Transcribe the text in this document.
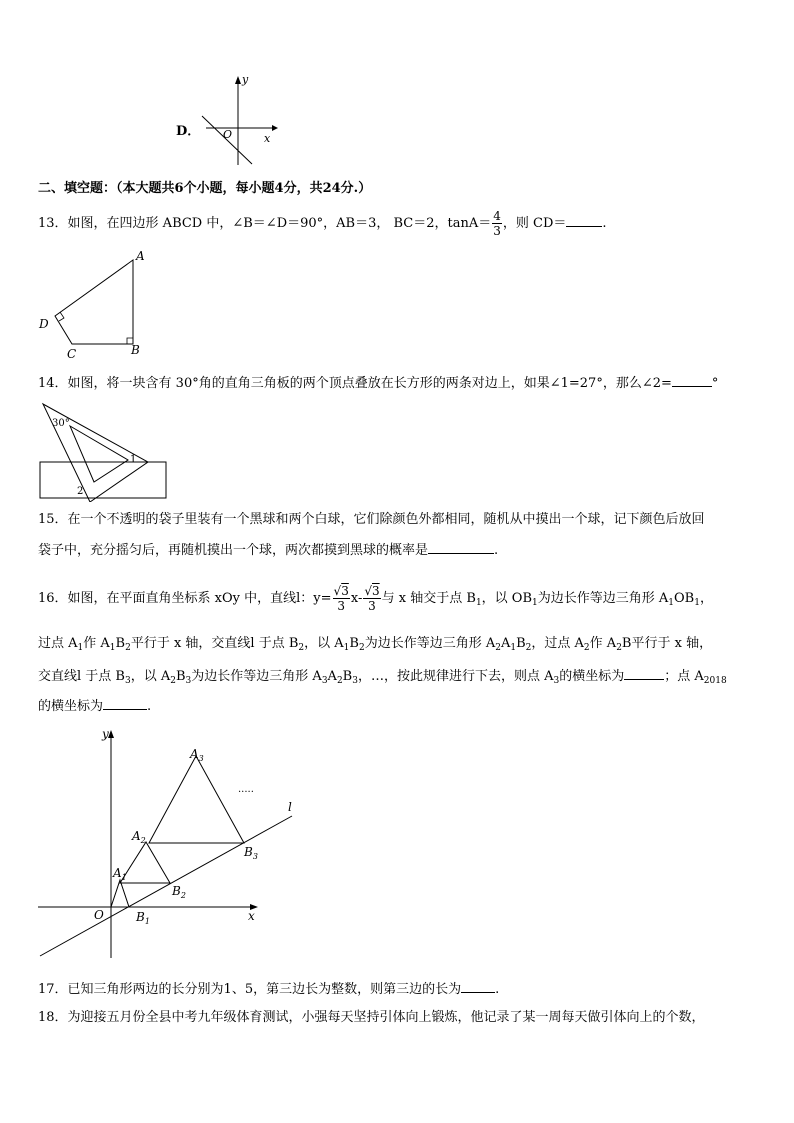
D．
y
x
O
二、填空题：（本大题共6个小题，每小题4分，共24分.）
13．如图，在四边形 ABCD 中，∠B＝∠D＝90°，AB＝3， BC＝2，$\tan A= \frac{4}{3}$ ，则 CD＝	.
A
B
C
D
14．如图，将一块含有 30°角的直角三角板的两个顶点叠放在长方形的两条对边上，如果∠1=27°，那么∠2=	°
30°
1
2
15．在一个不透明的袋子里装有一个黑球和两个白球，它们除颜色外都相同，随机从中摸出一个球，记下颜色后放回
袋子中，充分摇匀后，再随机摸出一个球，两次都摸到黑球的概率是	.
16．如图，在平面直角坐标系 xOy 中，直线l：$y= \frac{√3}{3} x- \frac{√3}{3}$ 与 x 轴交于点 $B_1$，以 $OB_1$为边长作等边三角形 $A_1OB_1$，
过点 $A_1$作 $A_1B_2$平行于 x 轴，交直线l 于点 $B_2$，以 $A_1B_2$为边长作等边三角形 $A_2A_1B_2$，过点 $A_2$作 $A_2B$平行于 x 轴，
交直线l 于点 $B_3$，以 $A_2B_3$为边长作等边三角形 $A_3A_2B_3$，…，按此规律进行下去，则点 $A_3$的横坐标为	；点 $A_{2018}$
的横坐标为	.
y
x
O
l
.....
$A_1$
$B_1$
$A_2$
$B_2$
$A_3$
$B_3$
17．已知三角形两边的长分别为1、5，第三边长为整数，则第三边的长为	.
18．为迎接五月份全县中考九年级体育测试，小强每天坚持引体向上锻炼，他记录了某一周每天做引体向上的个数，
